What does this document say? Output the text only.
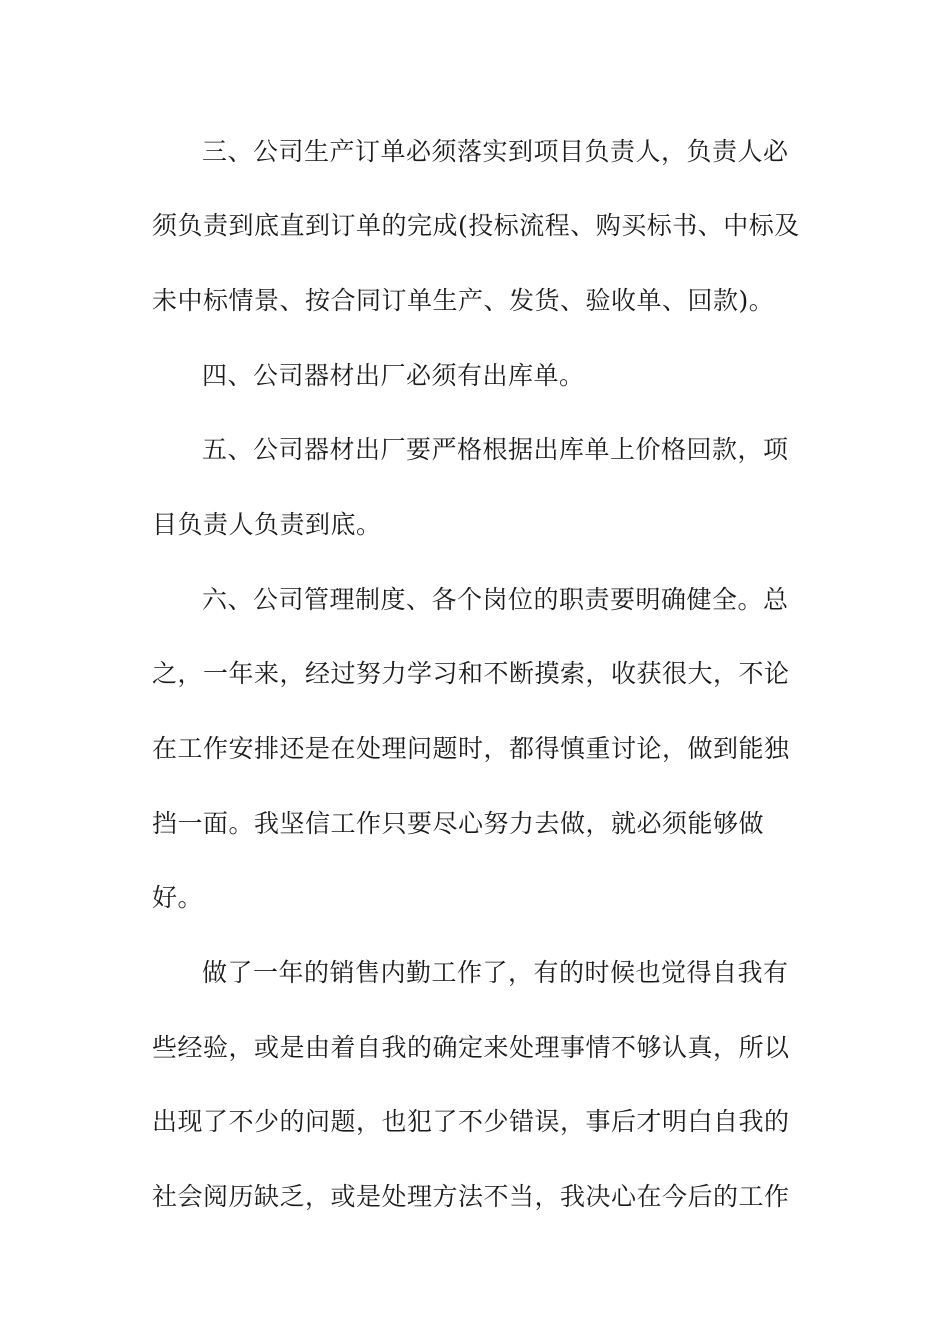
三、公司生产订单必须落实到项目负责人，负责人必
须负责到底直到订单的完成(投标流程、购买标书、中标及
未中标情景、按合同订单生产、发货、验收单、回款)。
四、公司器材出厂必须有出库单。
五、公司器材出厂要严格根据出库单上价格回款，项
目负责人负责到底。
六、公司管理制度、各个岗位的职责要明确健全。总
之，一年来，经过努力学习和不断摸索，收获很大，不论
在工作安排还是在处理问题时，都得慎重讨论，做到能独
挡一面。我坚信工作只要尽心努力去做，就必须能够做
好。
做了一年的销售内勤工作了，有的时候也觉得自我有
些经验，或是由着自我的确定来处理事情不够认真，所以
出现了不少的问题，也犯了不少错误，事后才明白自我的
社会阅历缺乏，或是处理方法不当，我决心在今后的工作
